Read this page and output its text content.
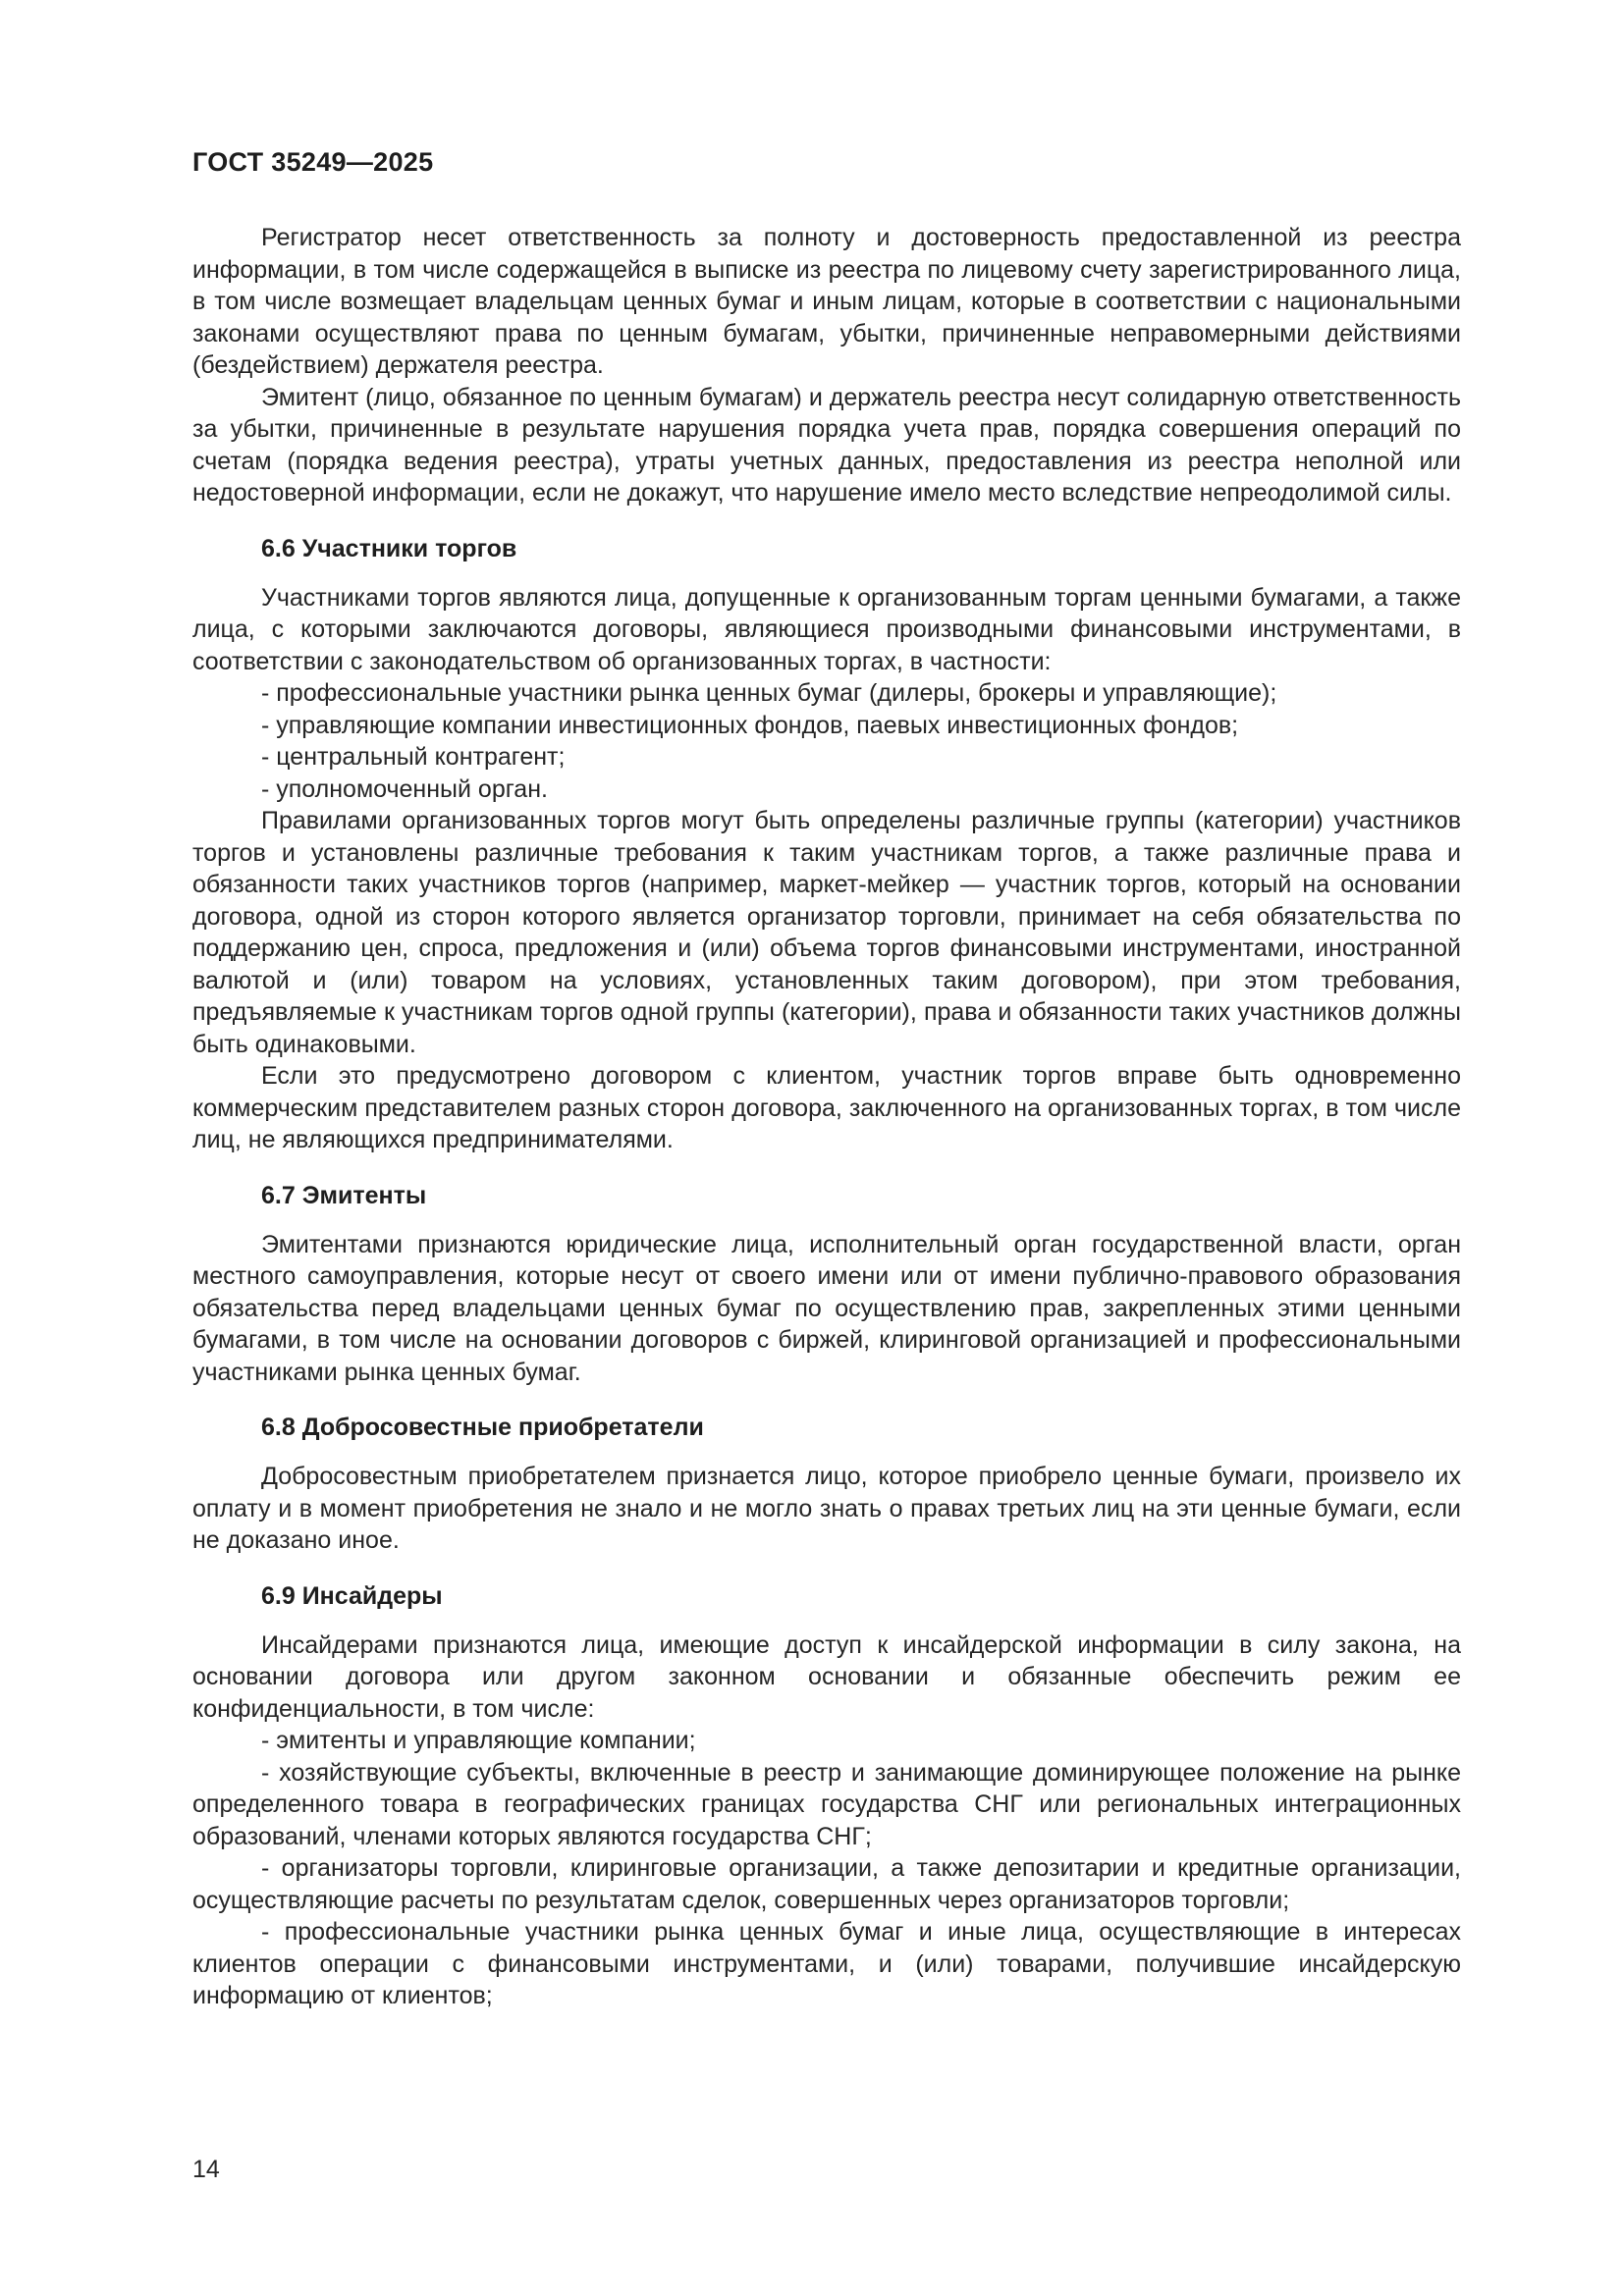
ГОСТ 35249—2025

Регистратор несет ответственность за полноту и достоверность предоставленной из реестра информации, в том числе содержащейся в выписке из реестра по лицевому счету зарегистрированного лица, в том числе возмещает владельцам ценных бумаг и иным лицам, которые в соответствии с национальными законами осуществляют права по ценным бумагам, убытки, причиненные неправомерными действиями (бездействием) держателя реестра.

Эмитент (лицо, обязанное по ценным бумагам) и держатель реестра несут солидарную ответственность за убытки, причиненные в результате нарушения порядка учета прав, порядка совершения операций по счетам (порядка ведения реестра), утраты учетных данных, предоставления из реестра неполной или недостоверной информации, если не докажут, что нарушение имело место вследствие непреодолимой силы.

6.6 Участники торгов

Участниками торгов являются лица, допущенные к организованным торгам ценными бумагами, а также лица, с которыми заключаются договоры, являющиеся производными финансовыми инструментами, в соответствии с законодательством об организованных торгах, в частности:

- профессиональные участники рынка ценных бумаг (дилеры, брокеры и управляющие);

- управляющие компании инвестиционных фондов, паевых инвестиционных фондов;

- центральный контрагент;

- уполномоченный орган.

Правилами организованных торгов могут быть определены различные группы (категории) участников торгов и установлены различные требования к таким участникам торгов, а также различные права и обязанности таких участников торгов (например, маркет-мейкер — участник торгов, который на основании договора, одной из сторон которого является организатор торговли, принимает на себя обязательства по поддержанию цен, спроса, предложения и (или) объема торгов финансовыми инструментами, иностранной валютой и (или) товаром на условиях, установленных таким договором), при этом требования, предъявляемые к участникам торгов одной группы (категории), права и обязанности таких участников должны быть одинаковыми.

Если это предусмотрено договором с клиентом, участник торгов вправе быть одновременно коммерческим представителем разных сторон договора, заключенного на организованных торгах, в том числе лиц, не являющихся предпринимателями.

6.7 Эмитенты

Эмитентами признаются юридические лица, исполнительный орган государственной власти, орган местного самоуправления, которые несут от своего имени или от имени публично-правового образования обязательства перед владельцами ценных бумаг по осуществлению прав, закрепленных этими ценными бумагами, в том числе на основании договоров с биржей, клиринговой организацией и профессиональными участниками рынка ценных бумаг.

6.8 Добросовестные приобретатели

Добросовестным приобретателем признается лицо, которое приобрело ценные бумаги, произвело их оплату и в момент приобретения не знало и не могло знать о правах третьих лиц на эти ценные бумаги, если не доказано иное.

6.9 Инсайдеры

Инсайдерами признаются лица, имеющие доступ к инсайдерской информации в силу закона, на основании договора или другом законном основании и обязанные обеспечить режим ее конфиденциальности, в том числе:

- эмитенты и управляющие компании;

- хозяйствующие субъекты, включенные в реестр и занимающие доминирующее положение на рынке определенного товара в географических границах государства СНГ или региональных интеграционных образований, членами которых являются государства СНГ;

- организаторы торговли, клиринговые организации, а также депозитарии и кредитные организации, осуществляющие расчеты по результатам сделок, совершенных через организаторов торговли;

- профессиональные участники рынка ценных бумаг и иные лица, осуществляющие в интересах клиентов операции с финансовыми инструментами, и (или) товарами, получившие инсайдерскую информацию от клиентов;

14
